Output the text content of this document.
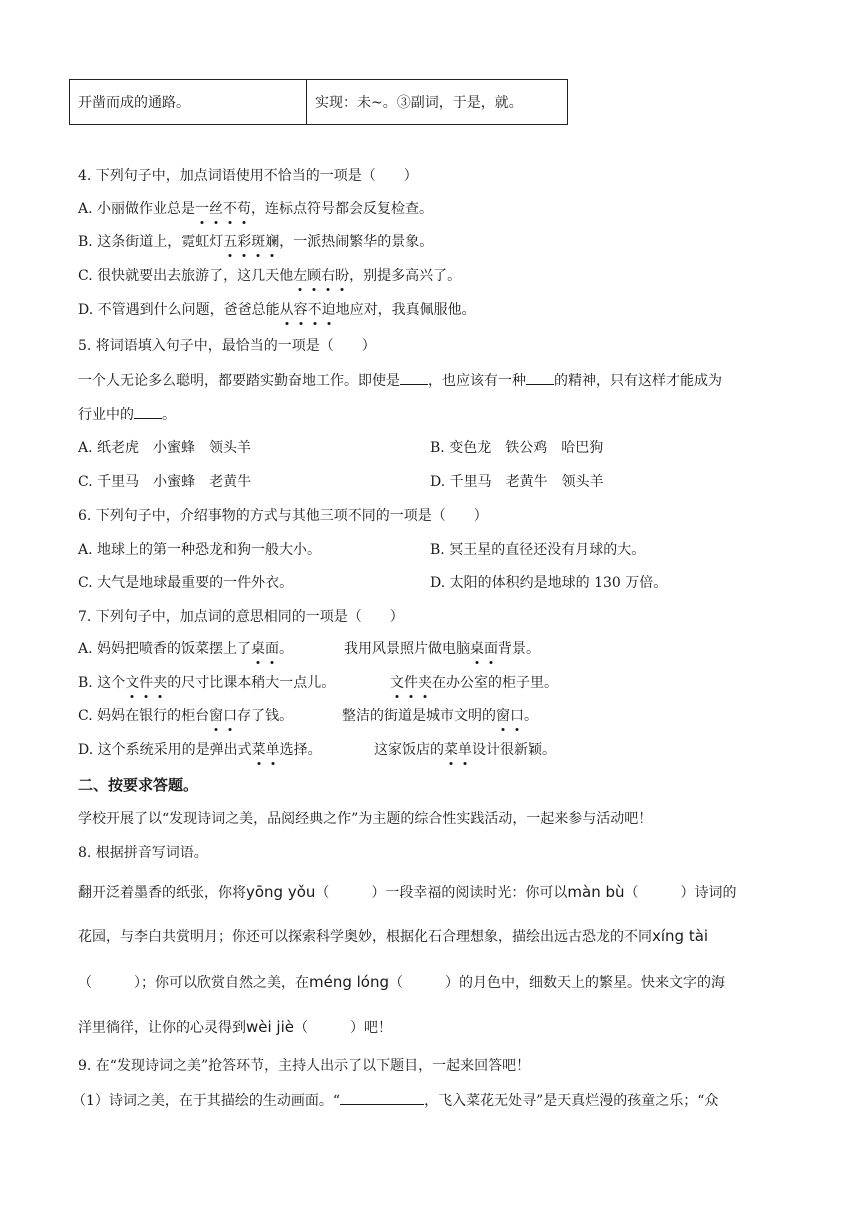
开凿而成的通路。	实现：未~。③副词，于是，就。
4. 下列句子中，加点词语使用不恰当的一项是（　　）
A. 小丽做作业总是一丝不苟，连标点符号都会反复检查。
B. 这条街道上，霓虹灯五彩斑斓，一派热闹繁华的景象。
C. 很快就要出去旅游了，这几天他左顾右盼，别提多高兴了。
D. 不管遇到什么问题，爸爸总能从容不迫地应对，我真佩服他。
5. 将词语填入句子中，最恰当的一项是（　　）
一个人无论多么聪明，都要踏实勤奋地工作。即使是 ，也应该有一种 的精神，只有这样才能成为
行业中的 。
A. 纸老虎　小蜜蜂　领头羊	B. 变色龙　铁公鸡　哈巴狗
C. 千里马　小蜜蜂　老黄牛	D. 千里马　老黄牛　领头羊
6. 下列句子中，介绍事物的方式与其他三项不同的一项是（　　）
A. 地球上的第一种恐龙和狗一般大小。	B. 冥王星的直径还没有月球的大。
C. 大气是地球最重要的一件外衣。	D. 太阳的体积约是地球的 130 万倍。
7. 下列句子中，加点词的意思相同的一项是（　　）
A. 妈妈把喷香的饭菜摆上了桌面。	我用风景照片做电脑桌面背景。
B. 这个文件夹的尺寸比课本稍大一点儿。	文件夹在办公室的柜子里。
C. 妈妈在银行的柜台窗口存了钱。	整洁的街道是城市文明的窗口。
D. 这个系统采用的是弹出式菜单选择。	这家饭店的菜单设计很新颖。
二、按要求答题。
学校开展了以“发现诗词之美，品阅经典之作”为主题的综合性实践活动，一起来参与活动吧！
8. 根据拼音写词语。
翻开泛着墨香的纸张，你将yōng yǒu（	）一段幸福的阅读时光：你可以màn bù（	）诗词的
花园，与李白共赏明月；你还可以探索科学奥妙，根据化石合理想象，描绘出远古恐龙的不同xíng tài
（	）；你可以欣赏自然之美，在méng lóng（	）的月色中，细数天上的繁星。快来文字的海
洋里徜徉，让你的心灵得到wèi jiè（	）吧！
9. 在“发现诗词之美”抢答环节，主持人出示了以下题目，一起来回答吧！
（1）诗词之美，在于其描绘的生动画面。“	，飞入菜花无处寻”是天真烂漫的孩童之乐；“众
